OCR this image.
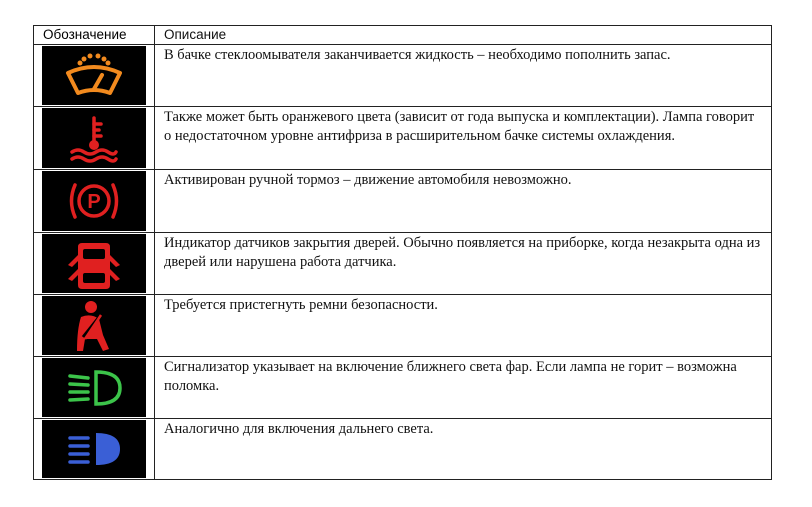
Обозначение	Описание
В бачке стеклоомывателя заканчивается жидкость – необходимо пополнить запас.
Также может быть оранжевого цвета (зависит от года выпуска и комплектации). Лампа говорит о недостаточном уровне антифриза в расширительном бачке системы охлаждения.
P
Активирован ручной тормоз – движение автомобиля невозможно.
Индикатор датчиков закрытия дверей. Обычно появляется на приборке, когда незакрыта одна из дверей или нарушена работа датчика.
Требуется пристегнуть ремни безопасности.
Сигнализатор указывает на включение ближнего света фар. Если лампа не горит – возможна поломка.
Аналогично для включения дальнего света.
